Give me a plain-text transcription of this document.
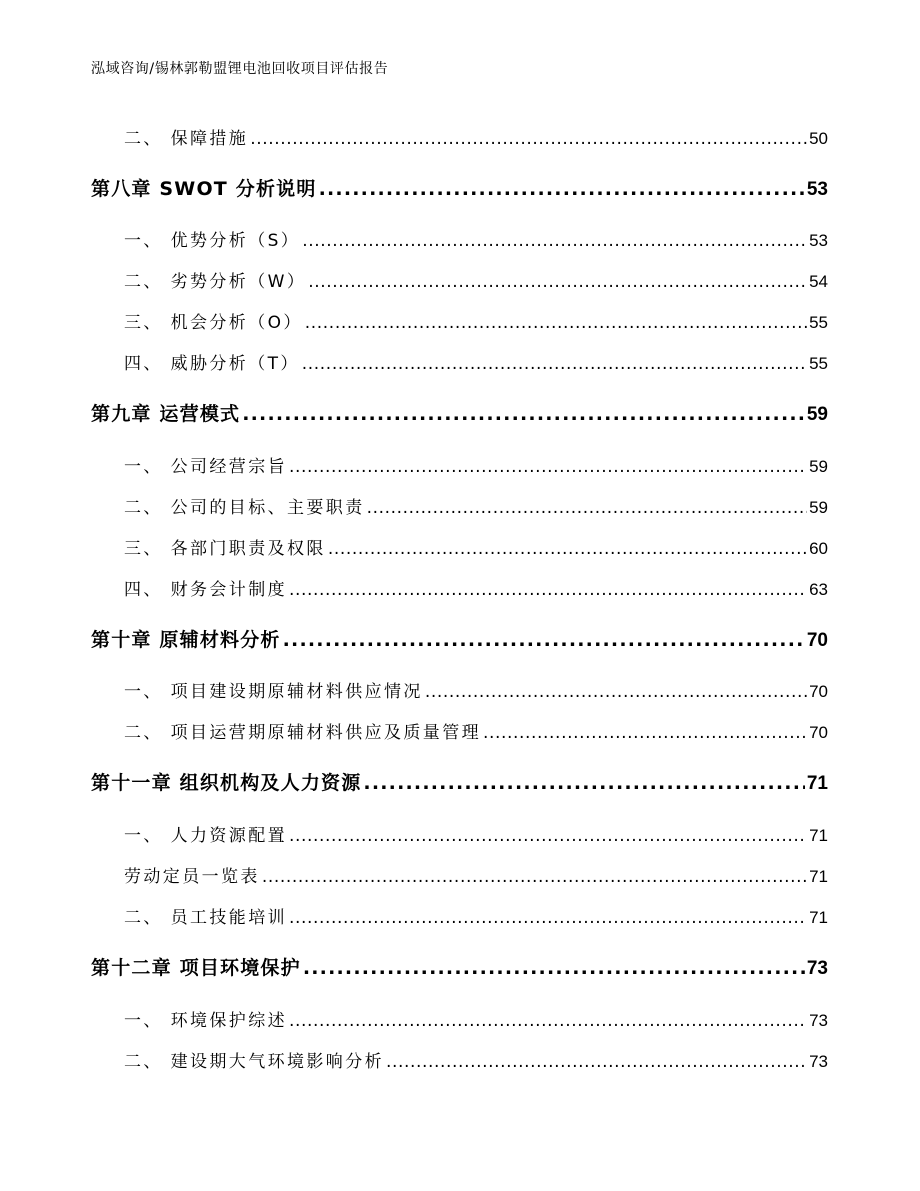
泓域咨询/锡林郭勒盟锂电池回收项目评估报告
二、 保障措施 .....	50
第八章 SWOT 分析说明 .....	53
一、 优势分析（S） .....	53
二、 劣势分析（W） .....	54
三、 机会分析（O） .....	55
四、 威胁分析（T） .....	55
第九章 运营模式 .....	59
一、 公司经营宗旨 .....	59
二、 公司的目标、主要职责 .....	59
三、 各部门职责及权限 .....	60
四、 财务会计制度 .....	63
第十章 原辅材料分析 .....	70
一、 项目建设期原辅材料供应情况 .....	70
二、 项目运营期原辅材料供应及质量管理 .....	70
第十一章 组织机构及人力资源 .....	71
一、 人力资源配置 .....	71
劳动定员一览表 .....	71
二、 员工技能培训 .....	71
第十二章 项目环境保护 .....	73
一、 环境保护综述 .....	73
二、 建设期大气环境影响分析 .....	73
